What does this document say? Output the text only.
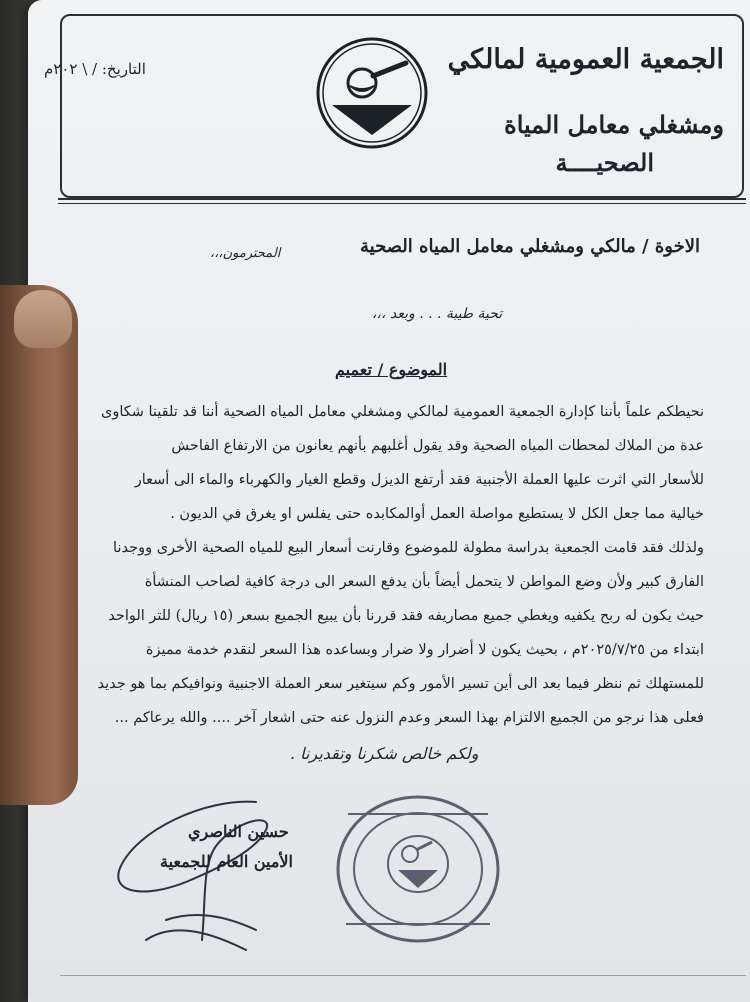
الجمعية العمومية لمالكي
ومشغلي معامل المياة
الصحيــــة
التاريخ: / \ ٢٠٢م
الاخوة / مالكي ومشغلي معامل المياه الصحية
المحترمون،،،
تحية طيبة . . . وبعد ،،،
الموضوع / تعميم
نحيطكم علماً بأننا كإدارة الجمعية العمومية لمالكي ومشغلي معامل المياه الصحية أننا قد تلقينا شكاوى
عدة من الملاك لمحطات المياه الصحية وقد يقول أغلبهم بأنهم يعانون من الارتفاع الفاحش
للأسعار التي اثرت عليها العملة الأجنبية فقد أرتفع الديزل وقطع الغيار والكهرباء والماء الى أسعار
خيالية مما جعل الكل لا يستطيع مواصلة العمل أوالمكابده حتى يفلس او يغرق في الديون .
ولذلك فقد قامت الجمعية بدراسة مطولة للموضوع وقارنت أسعار البيع للمياه الصحية الأخرى ووجدنا
الفارق كبير ولأن وضع المواطن لا يتحمل أيضاً بأن يدفع السعر الى درجة كافية لصاحب المنشأة
حيث يكون له ربح يكفيه ويغطي جميع مصاريفه فقد قررنا بأن يبيع الجميع بسعر (١٥ ريال) للتر الواحد
ابتداء من ٢٠٢٥/٧/٢٥م ، بحيث يكون لا أضرار ولا ضرار وبساعده هذا السعر لنقدم خدمة مميزة
للمستهلك ثم ننظر فيما بعد الى أين تسير الأمور وكم سيتغير سعر العملة الاجنبية ونوافيكم بما هو جديد
فعلى هذا نرجو من الجميع الالتزام بهذا السعر وعدم النزول عنه حتى اشعار آخر .... والله يرعاكم ...
ولكم خالص شكرنا وتقديرنا .
حسين الناصري
الأمين العام للجمعية
